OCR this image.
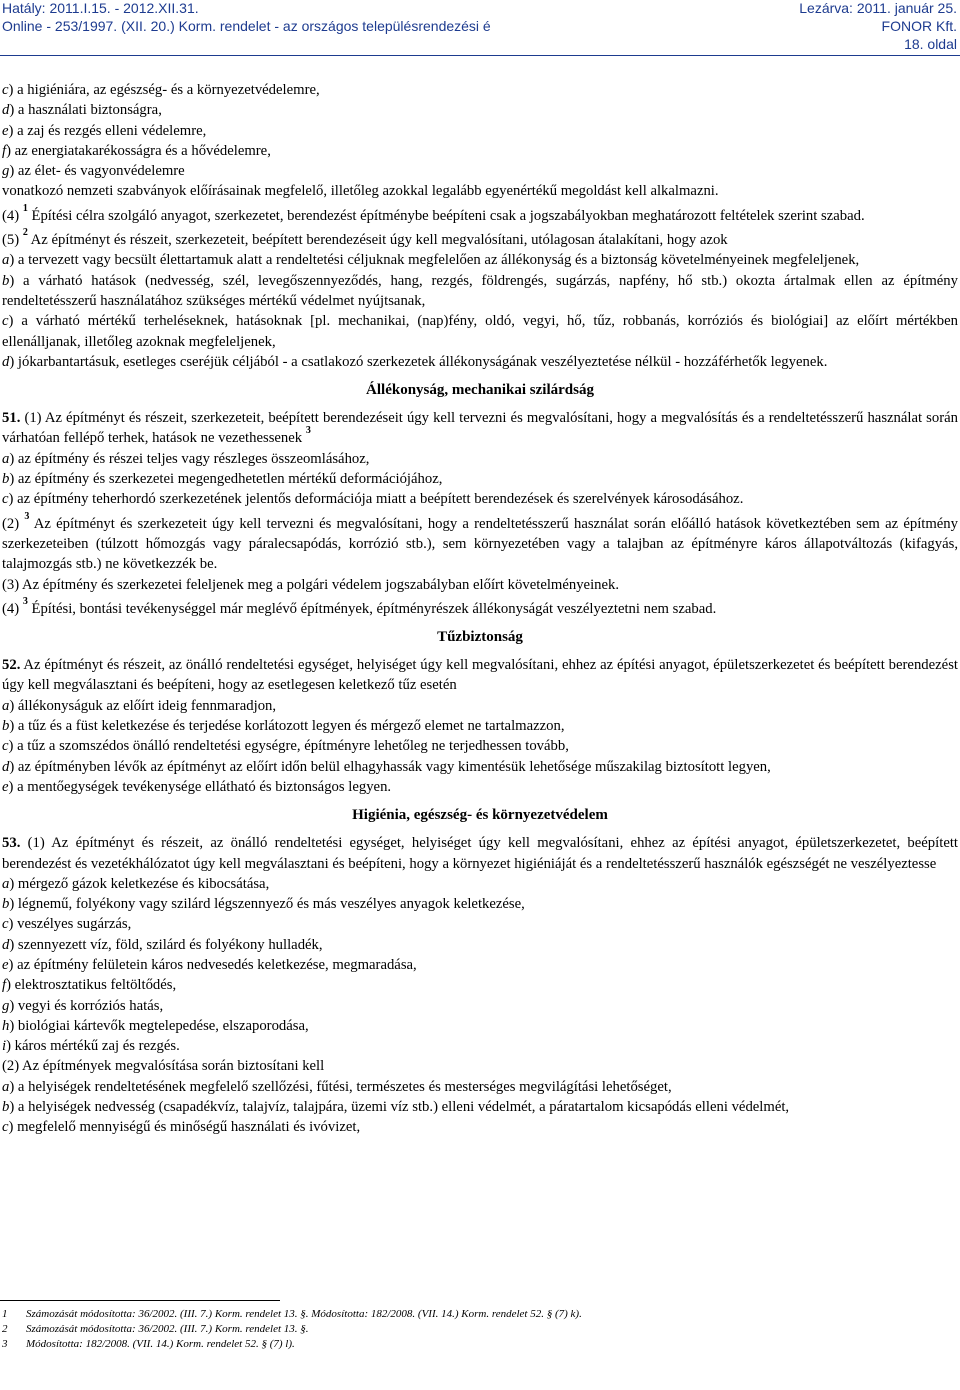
Hatály: 2011.I.15. - 2012.XII.31.
Online - 253/1997. (XII. 20.) Korm. rendelet - az országos településrendezési é
Lezárva: 2011. január 25.
FONOR Kft.
18. oldal

c) a higiéniára, az egészség- és a környezetvédelemre,

d) a használati biztonságra,

e) a zaj és rezgés elleni védelemre,

f) az energiatakarékosságra és a hővédelemre,

g) az élet- és vagyonvédelemre

vonatkozó nemzeti szabványok előírásainak megfelelő, illetőleg azokkal legalább egyenértékű megoldást kell alkalmazni.

(4) $^1$ Építési célra szolgáló anyagot, szerkezetet, berendezést építménybe beépíteni csak a jogszabályokban meghatározott feltételek szerint szabad.

(5) $^2$ Az építményt és részeit, szerkezeteit, beépített berendezéseit úgy kell megvalósítani, utólagosan átalakítani, hogy azok

a) a tervezett vagy becsült élettartamuk alatt a rendeltetési céljuknak megfelelően az állékonyság és a biztonság követelményeinek megfeleljenek,

b) a várható hatások (nedvesség, szél, levegőszennyeződés, hang, rezgés, földrengés, sugárzás, napfény, hő stb.) okozta ártalmak ellen az építmény rendeltetésszerű használatához szükséges mértékű védelmet nyújtsanak,

c) a várható mértékű terheléseknek, hatásoknak [pl. mechanikai, (nap)fény, oldó, vegyi, hő, tűz, robbanás, korróziós és biológiai] az előírt mértékben ellenálljanak, illetőleg azoknak megfeleljenek,

d) jókarbantartásuk, esetleges cseréjük céljából - a csatlakozó szerkezetek állékonyságának veszélyeztetése nélkül - hozzáférhetők legyenek.

Állékonyság, mechanikai szilárdság

51. (1) Az építményt és részeit, szerkezeteit, beépített berendezéseit úgy kell tervezni és megvalósítani, hogy a megvalósítás és a rendeltetésszerű használat során várhatóan fellépő terhek, hatások ne vezethessenek $^3$

a) az építmény és részei teljes vagy részleges összeomlásához,

b) az építmény és szerkezetei megengedhetetlen mértékű deformációjához,

c) az építmény teherhordó szerkezetének jelentős deformációja miatt a beépített berendezések és szerelvények károsodásához.

(2) $^3$ Az építményt és szerkezeteit úgy kell tervezni és megvalósítani, hogy a rendeltetésszerű használat során előálló hatások következtében sem az építmény szerkezeteiben (túlzott hőmozgás vagy páralecsapódás, korrózió stb.), sem környezetében vagy a talajban az építményre káros állapotváltozás (kifagyás, talajmozgás stb.) ne következzék be.

(3) Az építmény és szerkezetei feleljenek meg a polgári védelem jogszabályban előírt követelményeinek.

(4) $^3$ Építési, bontási tevékenységgel már meglévő építmények, építményrészek állékonyságát veszélyeztetni nem szabad.

Tűzbiztonság

52. Az építményt és részeit, az önálló rendeltetési egységet, helyiséget úgy kell megvalósítani, ehhez az építési anyagot, épületszerkezetet és beépített berendezést úgy kell megválasztani és beépíteni, hogy az esetlegesen keletkező tűz esetén

a) állékonyságuk az előírt ideig fennmaradjon,

b) a tűz és a füst keletkezése és terjedése korlátozott legyen és mérgező elemet ne tartalmazzon,

c) a tűz a szomszédos önálló rendeltetési egységre, építményre lehetőleg ne terjedhessen tovább,

d) az építményben lévők az építményt az előírt időn belül elhagyhassák vagy kimentésük lehetősége műszakilag biztosított legyen,

e) a mentőegységek tevékenysége ellátható és biztonságos legyen.

Higiénia, egészség- és környezetvédelem

53. (1) Az építményt és részeit, az önálló rendeltetési egységet, helyiséget úgy kell megvalósítani, ehhez az építési anyagot, épületszerkezetet, beépített berendezést és vezetékhálózatot úgy kell megválasztani és beépíteni, hogy a környezet higiéniáját és a rendeltetésszerű használók egészségét ne veszélyeztesse

a) mérgező gázok keletkezése és kibocsátása,

b) légnemű, folyékony vagy szilárd légszennyező és más veszélyes anyagok keletkezése,

c) veszélyes sugárzás,

d) szennyezett víz, föld, szilárd és folyékony hulladék,

e) az építmény felületein káros nedvesedés keletkezése, megmaradása,

f) elektrosztatikus feltöltődés,

g) vegyi és korróziós hatás,

h) biológiai kártevők megtelepedése, elszaporodása,

i) káros mértékű zaj és rezgés.

(2) Az építmények megvalósítása során biztosítani kell

a) a helyiségek rendeltetésének megfelelő szellőzési, fűtési, természetes és mesterséges megvilágítási lehetőséget,

b) a helyiségek nedvesség (csapadékvíz, talajvíz, talajpára, üzemi víz stb.) elleni védelmét, a páratartalom kicsapódás elleni védelmét,

c) megfelelő mennyiségű és minőségű használati és ivóvizet,

1 Számozását módosította: 36/2002. (III. 7.) Korm. rendelet 13. §. Módosította: 182/2008. (VII. 14.) Korm. rendelet 52. § (7) k).
2 Számozását módosította: 36/2002. (III. 7.) Korm. rendelet 13. §.
3 Módosította: 182/2008. (VII. 14.) Korm. rendelet 52. § (7) l).
